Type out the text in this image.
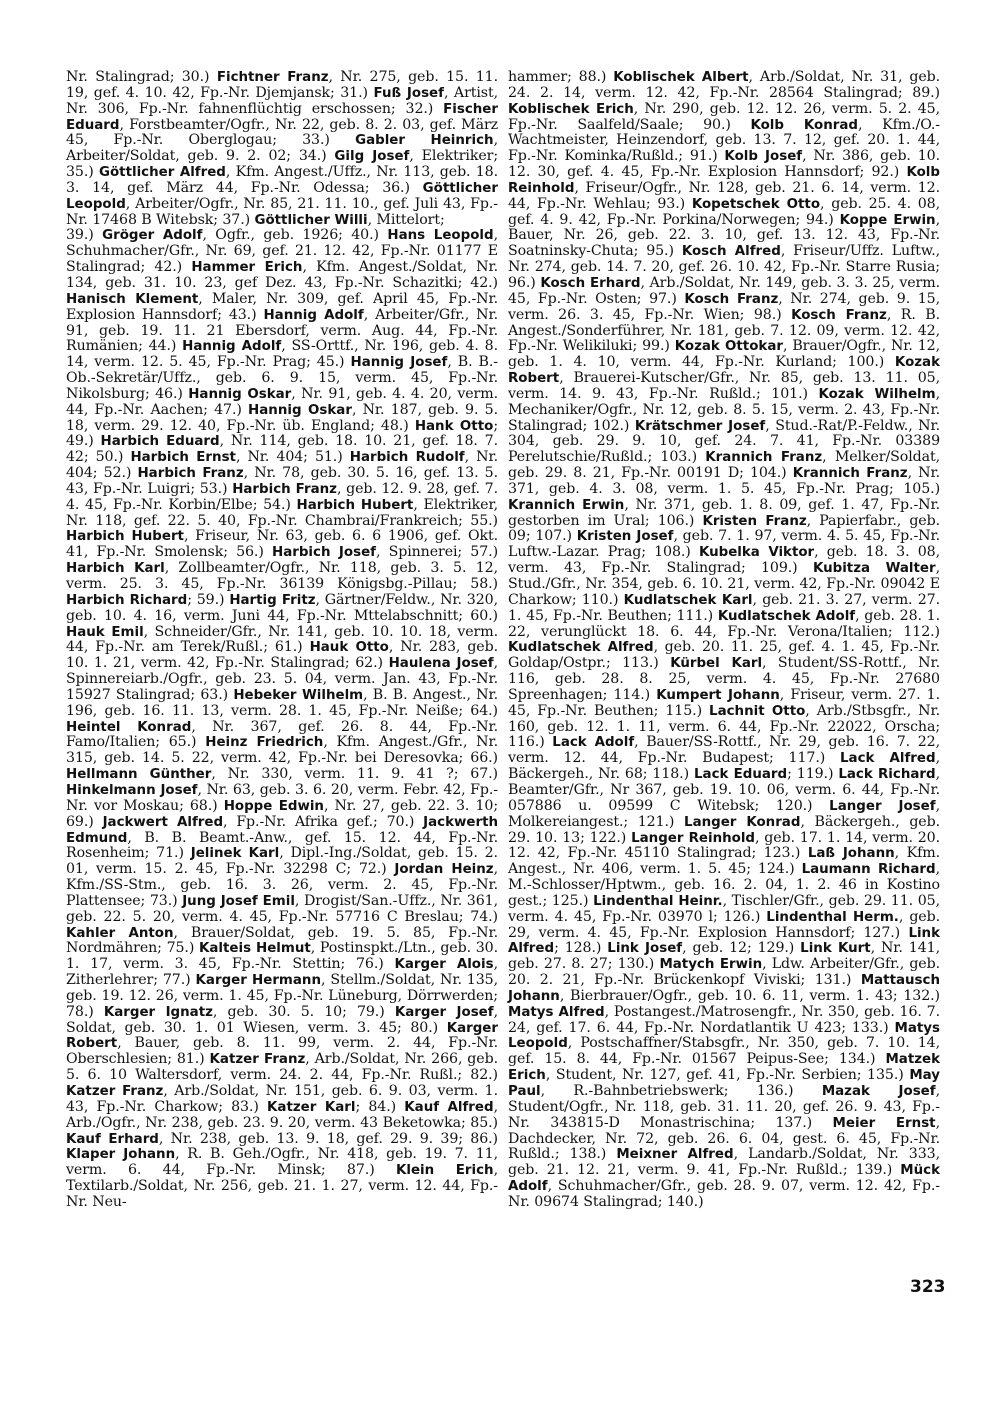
Nr. Stalingrad; 30.) Fichtner Franz, Nr. 275, geb. 15. 11. 19, gef. 4. 10. 42, Fp.-Nr. Djemjansk; 31.) Fuß Josef, Artist, Nr. 306, Fp.-Nr. fahnenflüchtig erschossen; 32.) Fischer Eduard, Forstbeamter/Ogfr., Nr. 22, geb. 8. 2. 03, gef. März 45, Fp.-Nr. Oberglogau; 33.) Gabler Heinrich, Arbeiter/Soldat, geb. 9. 2. 02; 34.) Gilg Josef, Elektriker; 35.) Göttlicher Alfred, Kfm. Angest./Uffz., Nr. 113, geb. 18. 3. 14, gef. März 44, Fp.-Nr. Odessa; 36.) Göttlicher Leopold, Arbeiter/Ogfr., Nr. 85, 21. 11. 10., gef. Juli 43, Fp.-Nr. 17468 B Witebsk; 37.) Göttlicher Willi, Mittelort;

39.) Gröger Adolf, Ogfr., geb. 1926; 40.) Hans Leopold, Schuhmacher/Gfr., Nr. 69, gef. 21. 12. 42, Fp.-Nr. 01177 E Stalingrad; 42.) Hammer Erich, Kfm. Angest./Soldat, Nr. 134, geb. 31. 10. 23, gef Dez. 43, Fp.-Nr. Schazitki; 42.) Hanisch Klement, Maler, Nr. 309, gef. April 45, Fp.-Nr. Explosion Hannsdorf; 43.) Hannig Adolf, Arbeiter/Gfr., Nr. 91, geb. 19. 11. 21 Ebersdorf, verm. Aug. 44, Fp.-Nr. Rumänien; 44.) Hannig Adolf, SS-Orttf., Nr. 196, geb. 4. 8. 14, verm. 12. 5. 45, Fp.-Nr. Prag; 45.) Hannig Josef, B. B.-Ob.-Sekretär/Uffz., geb. 6. 9. 15, verm. 45, Fp.-Nr. Nikolsburg; 46.) Hannig Oskar, Nr. 91, geb. 4. 4. 20, verm. 44, Fp.-Nr. Aachen; 47.) Hannig Oskar, Nr. 187, geb. 9. 5. 18, verm. 29. 12. 40, Fp.-Nr. üb. England; 48.) Hank Otto; 49.) Harbich Eduard, Nr. 114, geb. 18. 10. 21, gef. 18. 7. 42; 50.) Harbich Ernst, Nr. 404; 51.) Harbich Rudolf, Nr. 404; 52.) Harbich Franz, Nr. 78, geb. 30. 5. 16, gef. 13. 5. 43, Fp.-Nr. Luigri; 53.) Harbich Franz, geb. 12. 9. 28, gef. 7. 4. 45, Fp.-Nr. Korbin/Elbe; 54.) Harbich Hubert, Elektriker, Nr. 118, gef. 22. 5. 40, Fp.-Nr. Chambrai/Frankreich; 55.) Harbich Hubert, Friseur, Nr. 63, geb. 6. 6 1906, gef. Okt. 41, Fp.-Nr. Smolensk; 56.) Harbich Josef, Spinnerei; 57.) Harbich Karl, Zollbeamter/Ogfr., Nr. 118, geb. 3. 5. 12, verm. 25. 3. 45, Fp.-Nr. 36139 Königsbg.-Pillau; 58.) Harbich Richard; 59.) Hartig Fritz, Gärtner/Feldw., Nr. 320, geb. 10. 4. 16, verm. Juni 44, Fp.-Nr. Mttelabschnitt; 60.) Hauk Emil, Schneider/Gfr., Nr. 141, geb. 10. 10. 18, verm. 44, Fp.-Nr. am Terek/Rußl.; 61.) Hauk Otto, Nr. 283, geb. 10. 1. 21, verm. 42, Fp.-Nr. Stalingrad; 62.) Haulena Josef, Spinnereiarb./Ogfr., geb. 23. 5. 04, verm. Jan. 43, Fp.-Nr. 15927 Stalingrad; 63.) Hebeker Wilhelm, B. B. Angest., Nr. 196, geb. 16. 11. 13, verm. 28. 1. 45, Fp.-Nr. Neiße; 64.) Heintel Konrad, Nr. 367, gef. 26. 8. 44, Fp.-Nr. Famo/Italien; 65.) Heinz Friedrich, Kfm. Angest./Gfr., Nr. 315, geb. 14. 5. 22, verm. 42, Fp.-Nr. bei Deresovka; 66.) Hellmann Günther, Nr. 330, verm. 11. 9. 41 ?; 67.) Hinkelmann Josef, Nr. 63, geb. 3. 6. 20, verm. Febr. 42, Fp.-Nr. vor Moskau; 68.) Hoppe Edwin, Nr. 27, geb. 22. 3. 10; 69.) Jackwert Alfred, Fp.-Nr. Afrika gef.; 70.) Jackwerth Edmund, B. B. Beamt.-Anw., gef. 15. 12. 44, Fp.-Nr. Rosenheim; 71.) Jelinek Karl, Dipl.-Ing./Soldat, geb. 15. 2. 01, verm. 15. 2. 45, Fp.-Nr. 32298 C; 72.) Jordan Heinz, Kfm./SS-Stm., geb. 16. 3. 26, verm. 2. 45, Fp.-Nr. Plattensee; 73.) Jung Josef Emil, Drogist/San.-Uffz., Nr. 361, geb. 22. 5. 20, verm. 4. 45, Fp.-Nr. 57716 C Breslau; 74.) Kahler Anton, Brauer/Soldat, geb. 19. 5. 85, Fp.-Nr. Nordmähren; 75.) Kalteis Helmut, Postinspkt./Ltn., geb. 30. 1. 17, verm. 3. 45, Fp.-Nr. Stettin; 76.) Karger Alois, Zitherlehrer; 77.) Karger Hermann, Stellm./Soldat, Nr. 135, geb. 19. 12. 26, verm. 1. 45, Fp.-Nr. Lüneburg, Dörrwerden; 78.) Karger Ignatz, geb. 30. 5. 10; 79.) Karger Josef, Soldat, geb. 30. 1. 01 Wiesen, verm. 3. 45; 80.) Karger Robert, Bauer, geb. 8. 11. 99, verm. 2. 44, Fp.-Nr. Oberschlesien; 81.) Katzer Franz, Arb./Soldat, Nr. 266, geb. 5. 6. 10 Waltersdorf, verm. 24. 2. 44, Fp.-Nr. Rußl.; 82.) Katzer Franz, Arb./Soldat, Nr. 151, geb. 6. 9. 03, verm. 1. 43, Fp.-Nr. Charkow; 83.) Katzer Karl; 84.) Kauf Alfred, Arb./Ogfr., Nr. 238, geb. 23. 9. 20, verm. 43 Beketowka; 85.) Kauf Erhard, Nr. 238, geb. 13. 9. 18, gef. 29. 9. 39; 86.) Klaper Johann, R. B. Geh./Ogfr., Nr. 418, geb. 19. 7. 11, verm. 6. 44, Fp.-Nr. Minsk; 87.) Klein Erich, Textilarb./Soldat, Nr. 256, geb. 21. 1. 27, verm. 12. 44, Fp.-Nr. Neu-

hammer; 88.) Koblischek Albert, Arb./Soldat, Nr. 31, geb. 24. 2. 14, verm. 12. 42, Fp.-Nr. 28564 Stalingrad; 89.) Koblischek Erich, Nr. 290, geb. 12. 12. 26, verm. 5. 2. 45, Fp.-Nr. Saalfeld/Saale; 90.) Kolb Konrad, Kfm./O.-Wachtmeister, Heinzendorf, geb. 13. 7. 12, gef. 20. 1. 44, Fp.-Nr. Kominka/Rußld.; 91.) Kolb Josef, Nr. 386, geb. 10. 12. 30, gef. 4. 45, Fp.-Nr. Explosion Hannsdorf; 92.) Kolb Reinhold, Friseur/Ogfr., Nr. 128, geb. 21. 6. 14, verm. 12. 44, Fp.-Nr. Wehlau; 93.) Kopetschek Otto, geb. 25. 4. 08, gef. 4. 9. 42, Fp.-Nr. Porkina/Norwegen; 94.) Koppe Erwin, Bauer, Nr. 26, geb. 22. 3. 10, gef. 13. 12. 43, Fp.-Nr. Soatninsky-Chuta; 95.) Kosch Alfred, Friseur/Uffz. Luftw., Nr. 274, geb. 14. 7. 20, gef. 26. 10. 42, Fp.-Nr. Starre Rusia; 96.) Kosch Erhard, Arb./Soldat, Nr. 149, geb. 3. 3. 25, verm. 45, Fp.-Nr. Osten; 97.) Kosch Franz, Nr. 274, geb. 9. 15, verm. 26. 3. 45, Fp.-Nr. Wien; 98.) Kosch Franz, R. B. Angest./Sonderführer, Nr. 181, geb. 7. 12. 09, verm. 12. 42, Fp.-Nr. Welikiluki; 99.) Kozak Ottokar, Brauer/Ogfr., Nr. 12, geb. 1. 4. 10, verm. 44, Fp.-Nr. Kurland; 100.) Kozak Robert, Brauerei-Kutscher/Gfr., Nr. 85, geb. 13. 11. 05, verm. 14. 9. 43, Fp.-Nr. Rußld.; 101.) Kozak Wilhelm, Mechaniker/Ogfr., Nr. 12, geb. 8. 5. 15, verm. 2. 43, Fp.-Nr. Stalingrad; 102.) Krätschmer Josef, Stud.-Rat/P.-Feldw., Nr. 304, geb. 29. 9. 10, gef. 24. 7. 41, Fp.-Nr. 03389 Perelutschie/Rußld.; 103.) Krannich Franz, Melker/Soldat, geb. 29. 8. 21, Fp.-Nr. 00191 D; 104.) Krannich Franz, Nr. 371, geb. 4. 3. 08, verm. 1. 5. 45, Fp.-Nr. Prag; 105.) Krannich Erwin, Nr. 371, geb. 1. 8. 09, gef. 1. 47, Fp.-Nr. gestorben im Ural; 106.) Kristen Franz, Papierfabr., geb. 09; 107.) Kristen Josef, geb. 7. 1. 97, verm. 4. 5. 45, Fp.-Nr. Luftw.-Lazar. Prag; 108.) Kubelka Viktor, geb. 18. 3. 08, verm. 43, Fp.-Nr. Stalingrad; 109.) Kubitza Walter, Stud./Gfr., Nr. 354, geb. 6. 10. 21, verm. 42, Fp.-Nr. 09042 E Charkow; 110.) Kudlatschek Karl, geb. 21. 3. 27, verm. 27. 1. 45, Fp.-Nr. Beuthen; 111.) Kudlatschek Adolf, geb. 28. 1. 22, verunglückt 18. 6. 44, Fp.-Nr. Verona/Italien; 112.) Kudlatschek Alfred, geb. 20. 11. 25, gef. 4. 1. 45, Fp.-Nr. Goldap/Ostpr.; 113.) Kürbel Karl, Student/SS-Rottf., Nr. 116, geb. 28. 8. 25, verm. 4. 45, Fp.-Nr. 27680 Spreenhagen; 114.) Kumpert Johann, Friseur, verm. 27. 1. 45, Fp.-Nr. Beuthen; 115.) Lachnit Otto, Arb./Stbsgfr., Nr. 160, geb. 12. 1. 11, verm. 6. 44, Fp.-Nr. 22022, Orscha; 116.) Lack Adolf, Bauer/SS-Rottf., Nr. 29, geb. 16. 7. 22, verm. 12. 44, Fp.-Nr. Budapest; 117.) Lack Alfred, Bäckergeh., Nr. 68; 118.) Lack Eduard; 119.) Lack Richard, Beamter/Gfr., Nr 367, geb. 19. 10. 06, verm. 6. 44, Fp.-Nr. 057886 u. 09599 C Witebsk; 120.) Langer Josef, Molkereiangest.; 121.) Langer Konrad, Bäckergeh., geb. 29. 10. 13; 122.) Langer Reinhold, geb. 17. 1. 14, verm. 20. 12. 42, Fp.-Nr. 45110 Stalingrad; 123.) Laß Johann, Kfm. Angest., Nr. 406, verm. 1. 5. 45; 124.) Laumann Richard, M.-Schlosser/Hptwm., geb. 16. 2. 04, 1. 2. 46 in Kostino gest.; 125.) Lindenthal Heinr., Tischler/Gfr., geb. 29. 11. 05, verm. 4. 45, Fp.-Nr. 03970 l; 126.) Lindenthal Herm., geb. 29, verm. 4. 45, Fp.-Nr. Explosion Hannsdorf; 127.) Link Alfred; 128.) Link Josef, geb. 12; 129.) Link Kurt, Nr. 141, geb. 27. 8. 27; 130.) Matych Erwin, Ldw. Arbeiter/Gfr., geb. 20. 2. 21, Fp.-Nr. Brückenkopf Viviski; 131.) Mattausch Johann, Bierbrauer/Ogfr., geb. 10. 6. 11, verm. 1. 43; 132.) Matys Alfred, Postangest./Matrosengfr., Nr. 350, geb. 16. 7. 24, gef. 17. 6. 44, Fp.-Nr. Nordatlantik U 423; 133.) Matys Leopold, Postschaffner/Stabsgfr., Nr. 350, geb. 7. 10. 14, gef. 15. 8. 44, Fp.-Nr. 01567 Peipus-See; 134.) Matzek Erich, Student, Nr. 127, gef. 41, Fp.-Nr. Serbien; 135.) May Paul, R.-Bahnbetriebswerk; 136.) Mazak Josef, Student/Ogfr., Nr. 118, geb. 31. 11. 20, gef. 26. 9. 43, Fp.-Nr. 343815-D Monastrischina; 137.) Meier Ernst, Dachdecker, Nr. 72, geb. 26. 6. 04, gest. 6. 45, Fp.-Nr. Rußld.; 138.) Meixner Alfred, Landarb./Soldat, Nr. 333, geb. 21. 12. 21, verm. 9. 41, Fp.-Nr. Rußld.; 139.) Mück Adolf, Schuhmacher/Gfr., geb. 28. 9. 07, verm. 12. 42, Fp.-Nr. 09674 Stalingrad; 140.)

323
